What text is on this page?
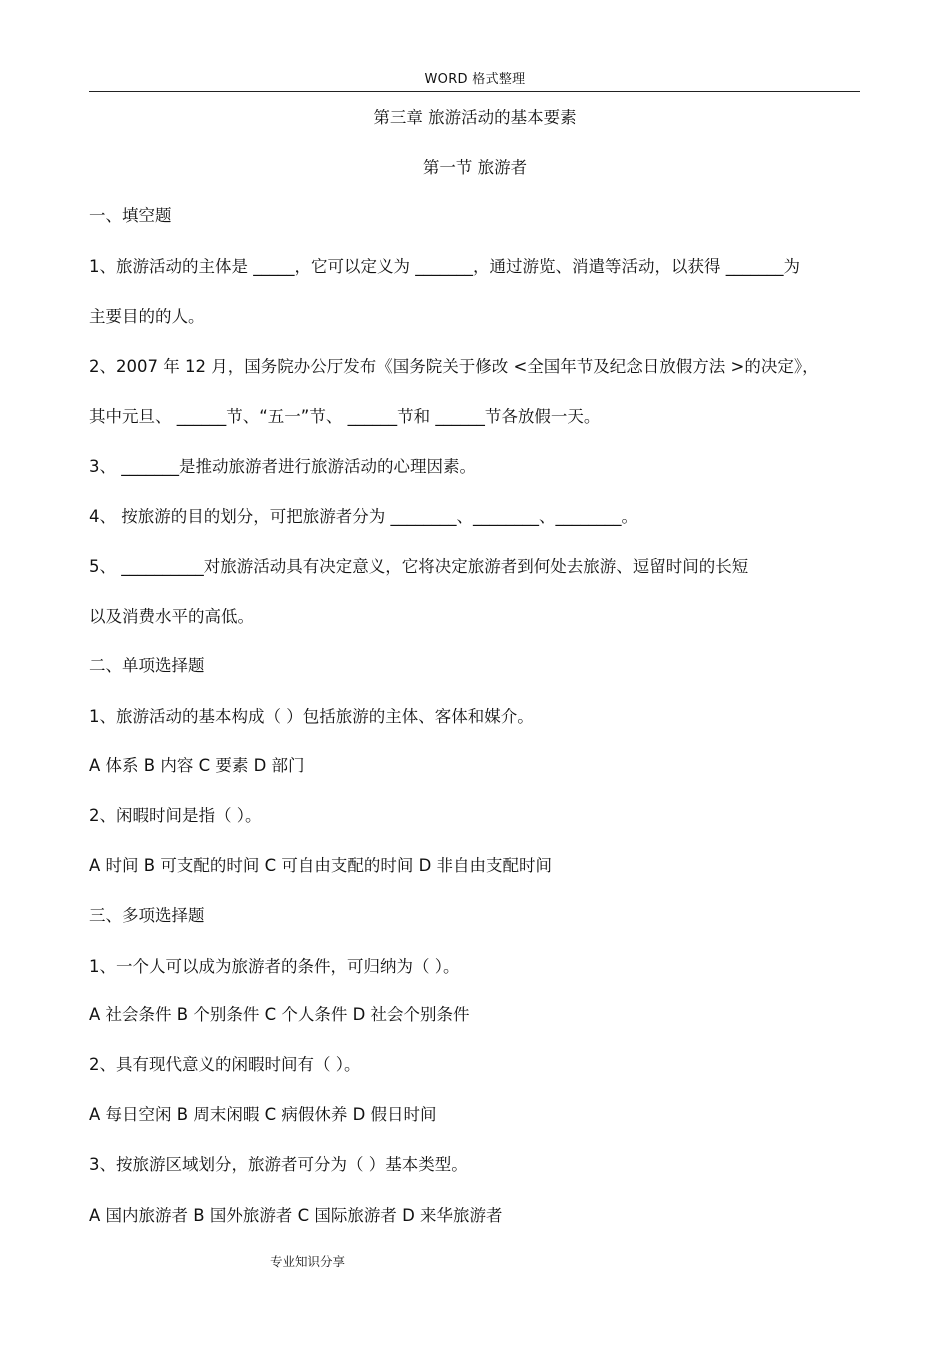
WORD 格式整理
第三章 旅游活动的基本要素
第一节 旅游者
一、填空题
1、旅游活动的主体是 _____，它可以定义为 _______，通过游览、消遣等活动，以获得 _______为
主要目的的人。
2、2007 年 12 月，国务院办公厅发布《国务院关于修改 <全国年节及纪念日放假方法 >的决定》，
其中元旦、 ______节、“五一”节、 ______节和 ______节各放假一天。
3、 _______是推动旅游者进行旅游活动的心理因素。
4、 按旅游的目的划分，可把旅游者分为 ________、________、________。
5、 __________对旅游活动具有决定意义，它将决定旅游者到何处去旅游、逗留时间的长短
以及消费水平的高低。
二、单项选择题
1、旅游活动的基本构成（ ）包括旅游的主体、客体和媒介。
A 体系 B 内容 C 要素 D 部门
2、闲暇时间是指（ ）。
A 时间 B 可支配的时间 C 可自由支配的时间 D 非自由支配时间
三、多项选择题
1、一个人可以成为旅游者的条件，可归纳为（ ）。
A 社会条件 B 个别条件 C 个人条件 D 社会个别条件
2、具有现代意义的闲暇时间有（ ）。
A 每日空闲 B 周末闲暇 C 病假休养 D 假日时间
3、按旅游区域划分，旅游者可分为（ ）基本类型。
A 国内旅游者 B 国外旅游者 C 国际旅游者 D 来华旅游者
专业知识分享
